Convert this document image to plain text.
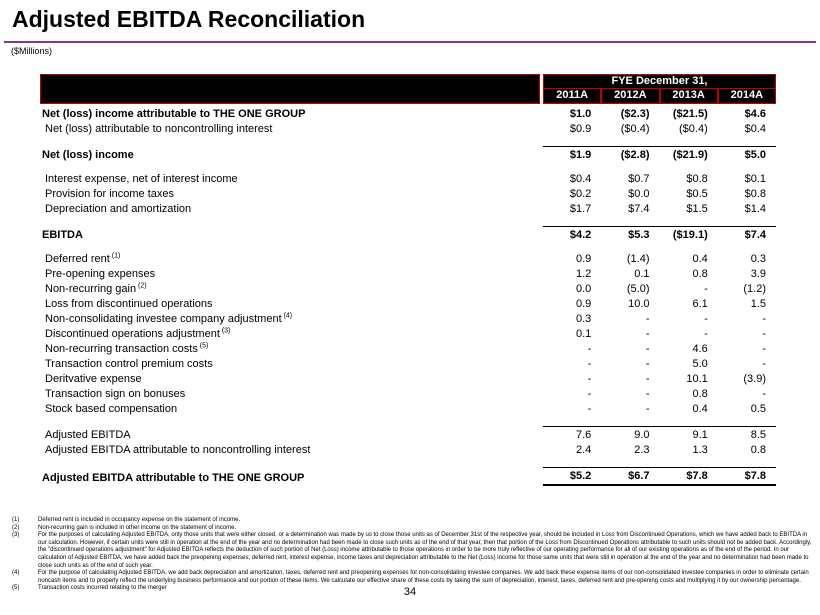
Adjusted EBITDA Reconciliation
($Millions)
FYE December 31,
2011A	2012A	2013A	2014A
Net (loss) income attributable to THE ONE GROUP	$1.0	($2.3)	($21.5)	$4.6
Net (loss) attributable to noncontrolling interest	$0.9	($0.4)	($0.4)	$0.4
Net (loss) income	$1.9	($2.8)	($21.9)	$5.0
Interest expense, net of interest income	$0.4	$0.7	$0.8	$0.1
Provision for income taxes	$0.2	$0.0	$0.5	$0.8
Depreciation and amortization	$1.7	$7.4	$1.5	$1.4
EBITDA	$4.2	$5.3	($19.1)	$7.4
Deferred rent $^{(1)}$	0.9	(1.4)	0.4	0.3
Pre-opening expenses	1.2	0.1	0.8	3.9
Non-recurring gain $^{(2)}$	0.0	(5.0)	-	(1.2)
Loss from discontinued operations	0.9	10.0	6.1	1.5
Non-consolidating investee company adjustment $^{(4)}$	0.3	-	-	-
Discontinued operations adjustment $^{(3)}$	0.1	-	-	-
Non-recurring transaction costs $^{(5)}$	-	-	4.6	-
Transaction control premium costs	-	-	5.0	-
Deritvative expense	-	-	10.1	(3.9)
Transaction sign on bonuses	-	-	0.8	-
Stock based compensation	-	-	0.4	0.5
Adjusted EBITDA	7.6	9.0	9.1	8.5
Adjusted EBITDA attributable to noncontrolling interest	2.4	2.3	1.3	0.8
Adjusted EBITDA attributable to THE ONE GROUP	$5.2	$6.7	$7.8	$7.8
(1)	Deferred rent is included in occupancy expense on the statement of income.
(2)	Non-recurring gain is included in other income on the statement of income.
(3)	For the purposes of calculating Adjusted EBITDA, only those units that were either closed, or a determination was made by us to close those units as of December 31st of the respective year, should be included in Loss from Discontinued Operations, which we have added back to EBITDA in our calculation. However, if certain units were still in operation at the end of the year and no determination had been made to close such units as of the end of that year, then that portion of the Loss from Discontinued Operations attributable to such units should not be added back. Accordingly, the "discontinued operations adjustment" for Adjusted EBITDA reflects the deduction of such portion of Net (Loss) income attributable to those operations in order to be more truly reflective of our operating performance for all of our existing operations as of the end of the period. In our calculation of Adjusted EBITDA, we have added back the preopening expenses, deferred rent, interest expense, income taxes and depreciation attributable to the Net (Loss) income for those same units that were still in operation at the end of the year and no determination had been made to close such units as of the end of such year.
(4)	For the purpose of calculating Adjusted EBITDA, we add back depreciation and amortization, taxes, deferred rent and preopening expenses for non-consolidating investee companies. We add back these expense items of our non-consolidated investee companies in order to eliminate certain noncash items and to properly reflect the underlying business performance and our portion of these items. We calculate our effective share of these costs by taking the sum of depreciation, interest, taxes, deferred rent and pre-opening costs and multiplying it by our ownership percentage.
(5)	Transaction costs incurred relating to the merger	34
